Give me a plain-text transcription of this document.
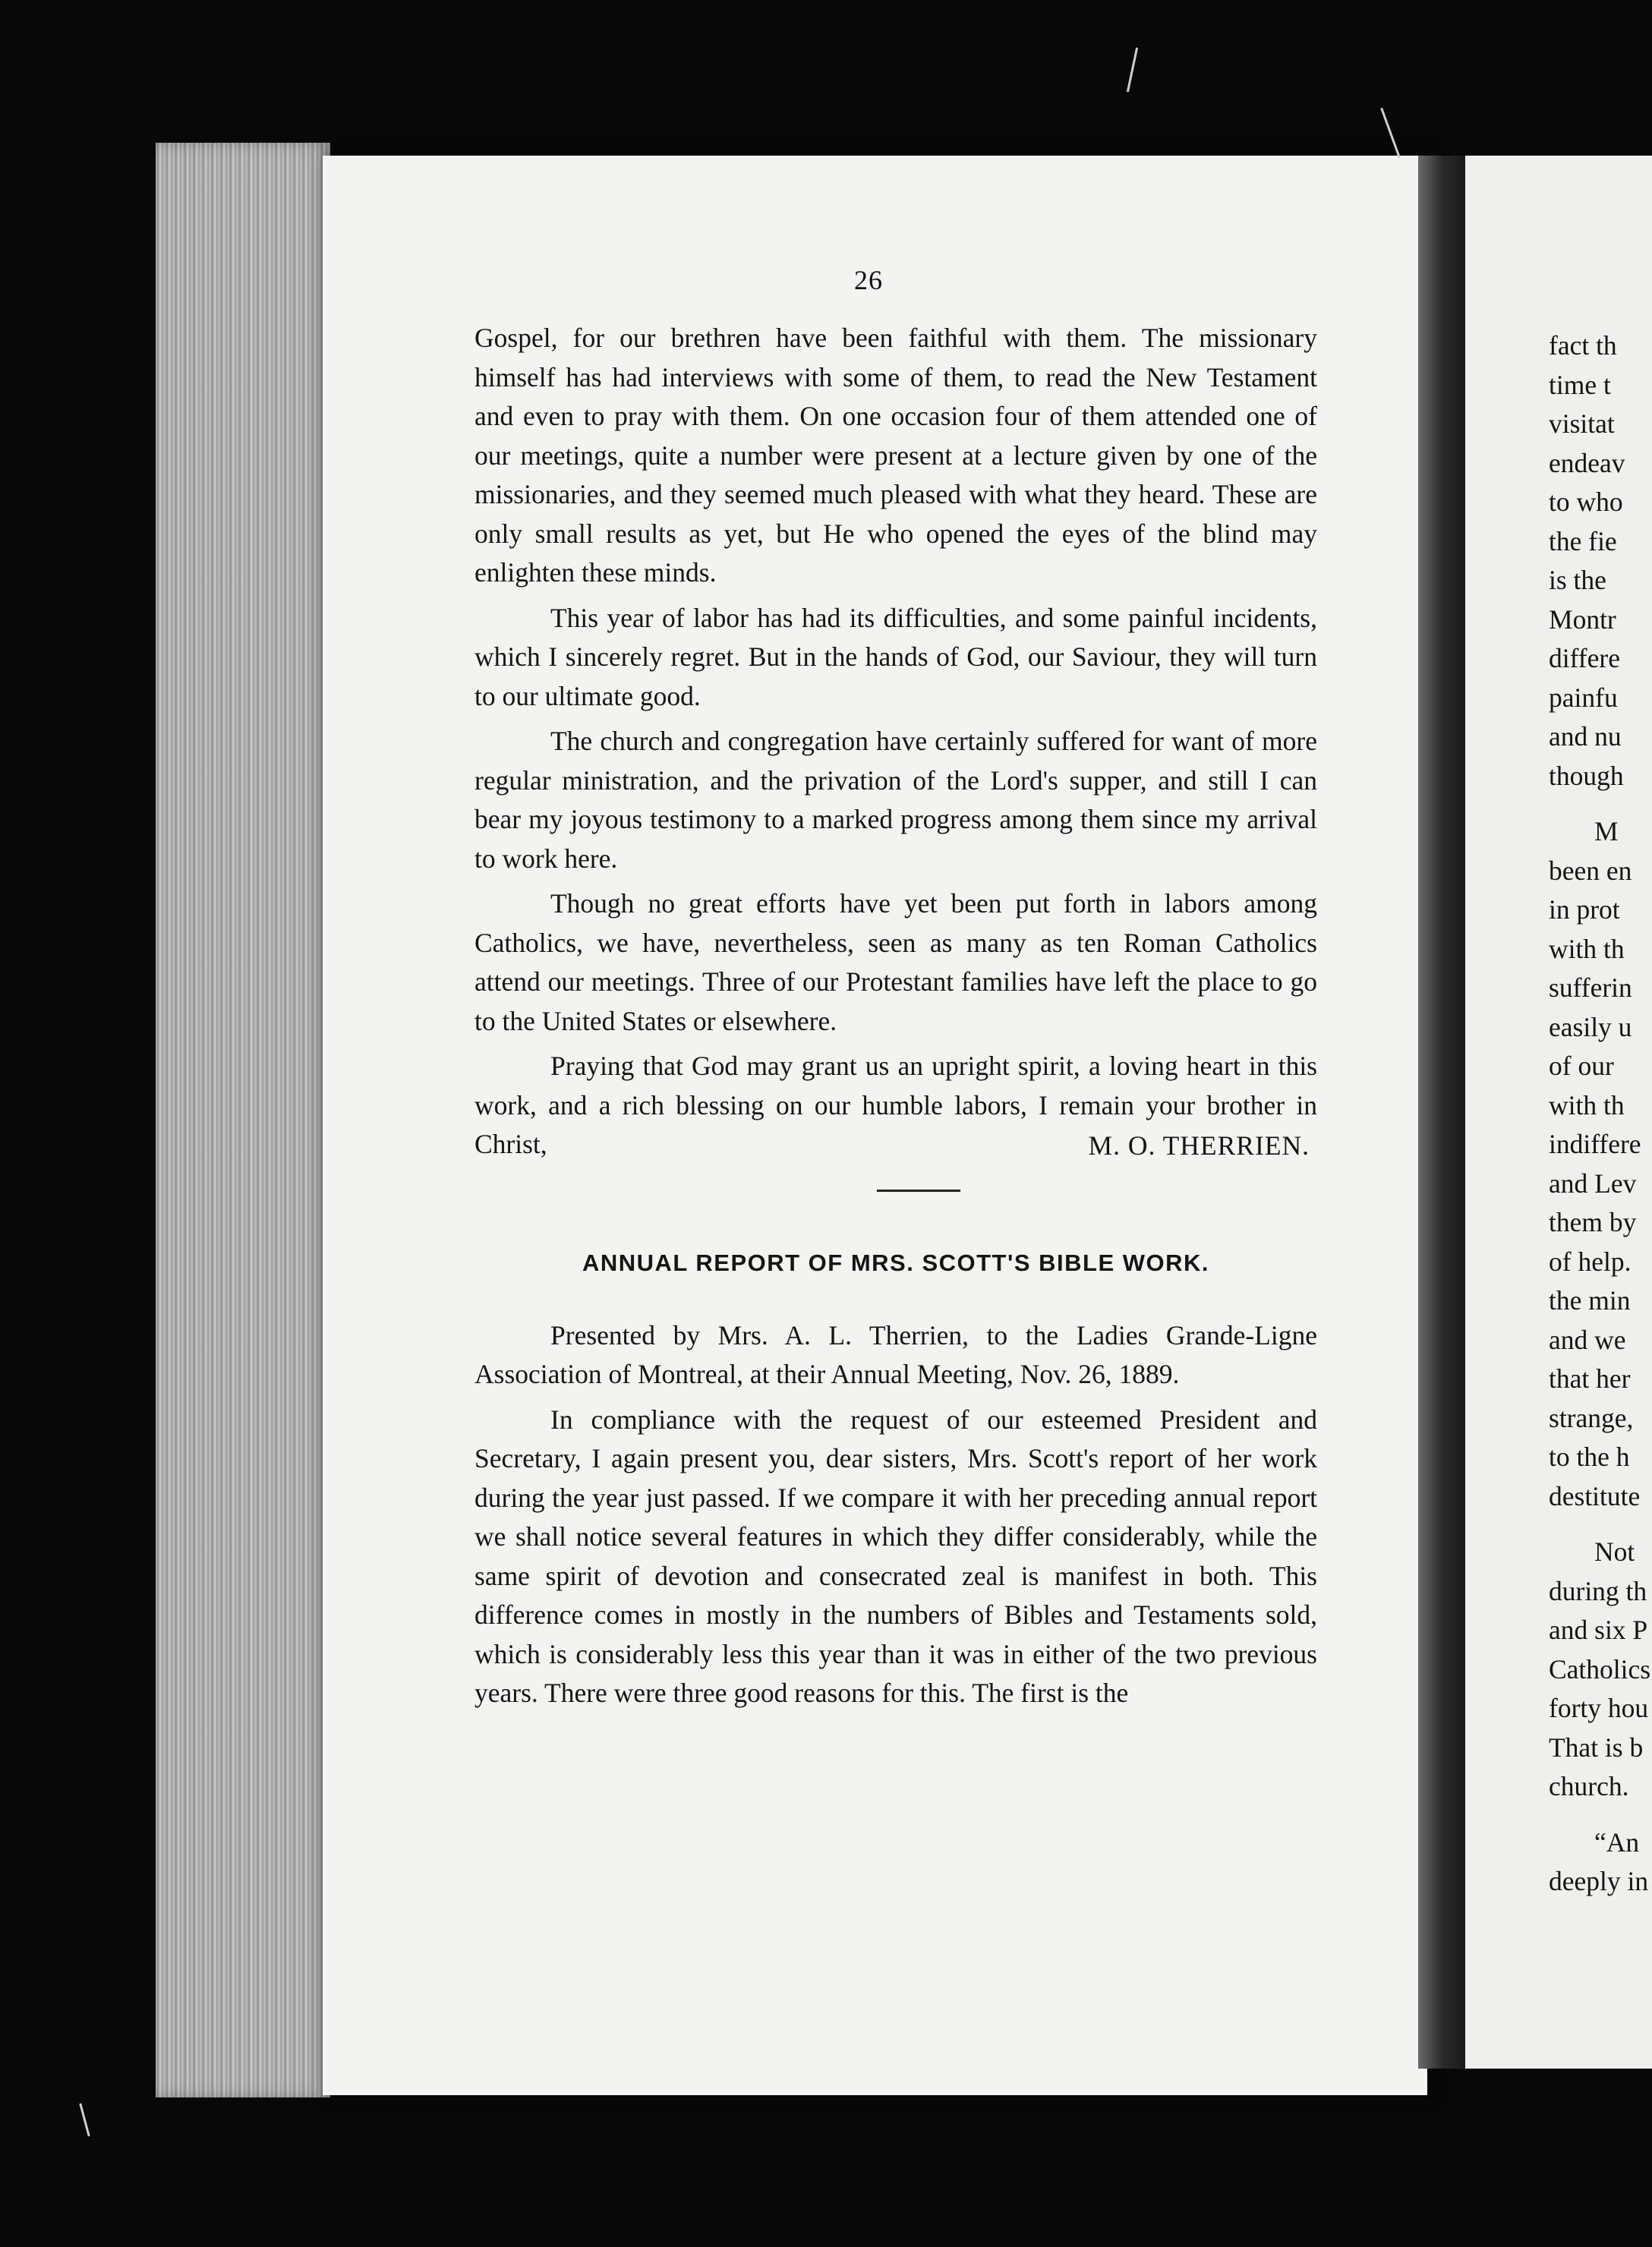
26

Gospel, for our brethren have been faithful with them. The missionary himself has had interviews with some of them, to read the New Testament and even to pray with them. On one occasion four of them attended one of our meetings, quite a number were present at a lecture given by one of the missionaries, and they seemed much pleased with what they heard. These are only small results as yet, but He who opened the eyes of the blind may enlighten these minds.

This year of labor has had its difficulties, and some painful incidents, which I sincerely regret. But in the hands of God, our Saviour, they will turn to our ultimate good.

The church and congregation have certainly suffered for want of more regular ministration, and the privation of the Lord's supper, and still I can bear my joyous testimony to a marked progress among them since my arrival to work here.

Though no great efforts have yet been put forth in labors among Catholics, we have, nevertheless, seen as many as ten Roman Catholics attend our meetings. Three of our Protestant families have left the place to go to the United States or elsewhere.

Praying that God may grant us an upright spirit, a loving heart in this work, and a rich blessing on our humble labors, I remain your brother in Christ,	M. O. THERRIEN.
ANNUAL REPORT OF MRS. SCOTT'S BIBLE WORK.

Presented by Mrs. A. L. Therrien, to the Ladies Grande-Ligne Association of Montreal, at their Annual Meeting, Nov. 26, 1889.

In compliance with the request of our esteemed President and Secretary, I again present you, dear sisters, Mrs. Scott's report of her work during the year just passed. If we compare it with her preceding annual report we shall notice several features in which they differ considerably, while the same spirit of devotion and consecrated zeal is manifest in both. This difference comes in mostly in the numbers of Bibles and Testaments sold, which is considerably less this year than it was in either of the two previous years. There were three good reasons for this. The first is the

fact th
time t
visitat
endeav
to who
the fie
is the
Montr
differe
painfu
and nu
though
M
been en
in prot
with th
sufferin
easily u
of our
with th
indiffere
and Lev
them by
of help.
the min
and we
that her
strange,
to the h
destitute
Not
during th
and six P
Catholics
forty hou
That is b
church.
“An
deeply in
